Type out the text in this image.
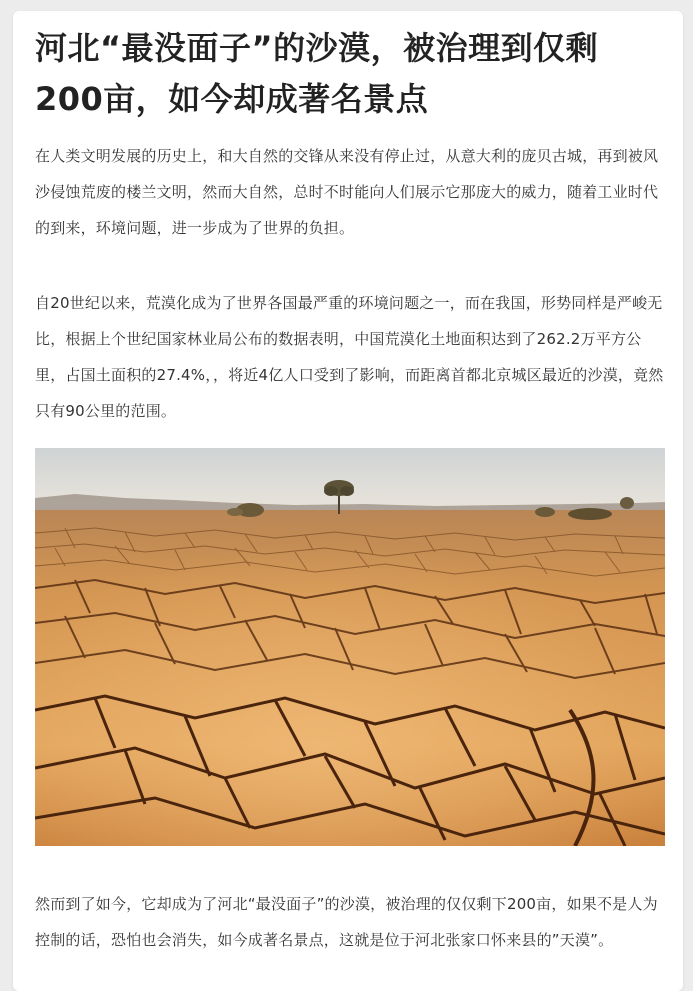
河北“最没面子”的沙漠，被治理到仅剩200亩，如今却成著名景点

在人类文明发展的历史上，和大自然的交锋从来没有停止过，从意大利的庞贝古城，再到被风沙侵蚀荒废的楼兰文明，然而大自然，总时不时能向人们展示它那庞大的威力，随着工业时代的到来，环境问题，进一步成为了世界的负担。

自20世纪以来，荒漠化成为了世界各国最严重的环境问题之一，而在我国，形势同样是严峻无比，根据上个世纪国家林业局公布的数据表明，中国荒漠化土地面积达到了262.2万平方公里，占国土面积的27.4%，，将近4亿人口受到了影响，而距离首都北京城区最近的沙漠，竟然只有90公里的范围。

然而到了如今，它却成为了河北“最没面子”的沙漠，被治理的仅仅剩下200亩，如果不是人为控制的话，恐怕也会消失，如今成著名景点，这就是位于河北张家口怀来县的”天漠”。
